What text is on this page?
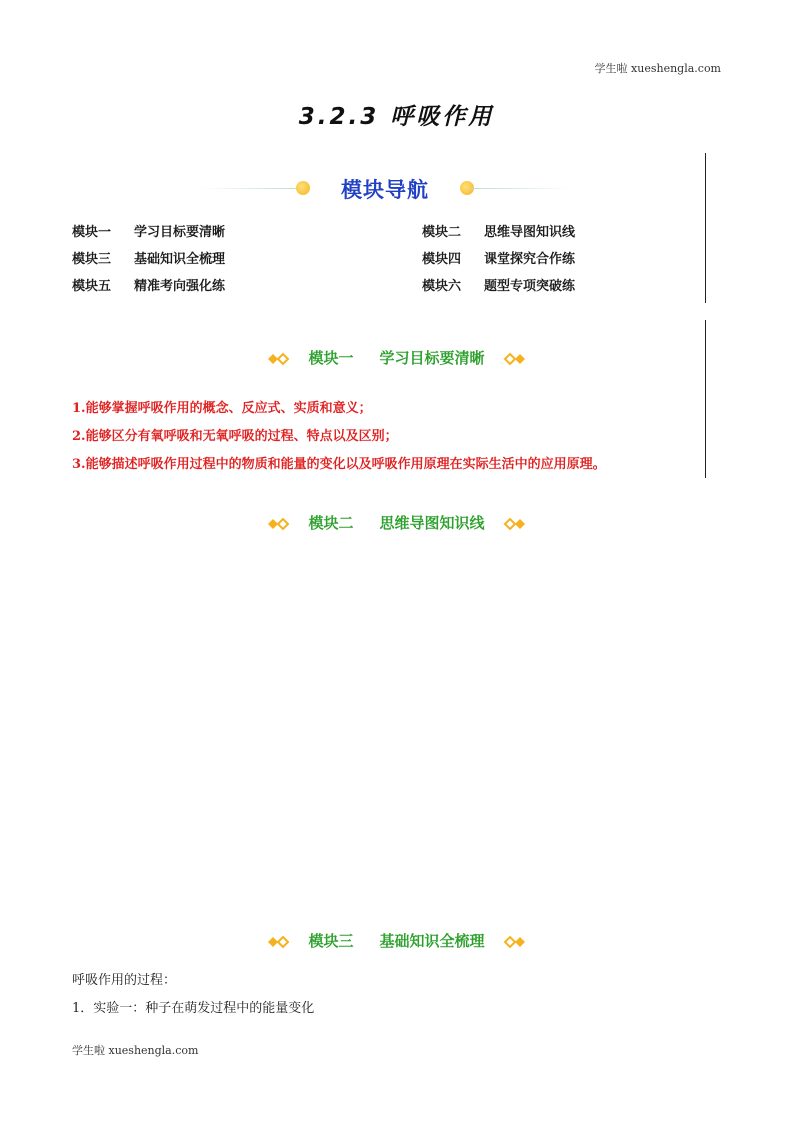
学生啦 xueshengla.com
3.2.3 呼吸作用
模块导航
模块一 学习目标要清晰	模块二 思维导图知识线
模块三 基础知识全梳理	模块四 课堂探究合作练
模块五 精准考向强化练	模块六 题型专项突破练
模块一 学习目标要清晰
1.能够掌握呼吸作用的概念、反应式、实质和意义；
2.能够区分有氧呼吸和无氧呼吸的过程、特点以及区别；
3.能够描述呼吸作用过程中的物质和能量的变化以及呼吸作用原理在实际生活中的应用原理。
模块二 思维导图知识线
模块三 基础知识全梳理
呼吸作用的过程：
1．实验一：种子在萌发过程中的能量变化
学生啦 xueshengla.com
